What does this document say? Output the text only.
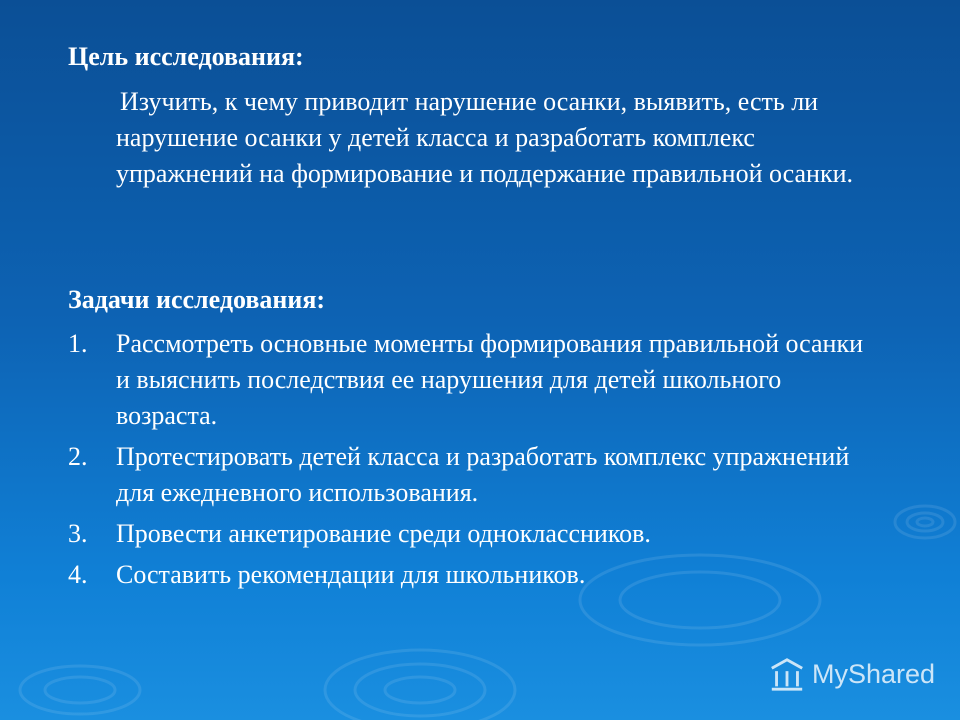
Цель исследования:
Изучить, к чему приводит нарушение осанки, выявить, есть ли нарушение осанки у детей класса и разработать комплекс упражнений на формирование и поддержание правильной осанки.
Задачи исследования:
1.	Рассмотреть основные моменты формирования правильной осанки и выяснить последствия ее нарушения для детей школьного возраста.
2.	Протестировать детей класса и разработать комплекс упражнений для ежедневного использования.
3.	Провести анкетирование среди одноклассников.
4.	Составить рекомендации для школьников.
MyShared
